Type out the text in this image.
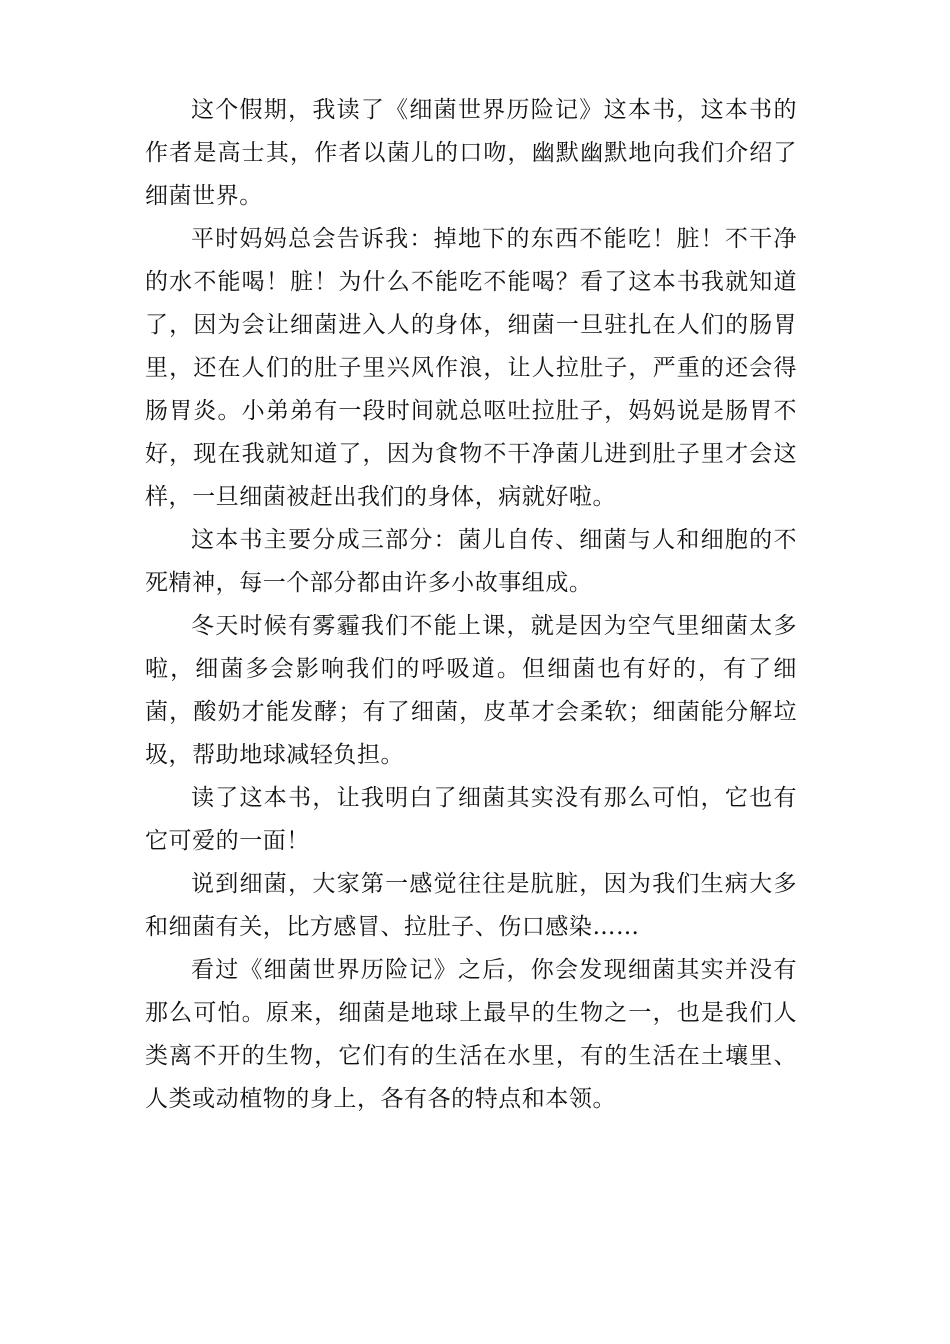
这个假期，我读了《细菌世界历险记》这本书，这本书的作者是高士其，作者以菌儿的口吻，幽默幽默地向我们介绍了细菌世界。

平时妈妈总会告诉我：掉地下的东西不能吃！脏！不干净的水不能喝！脏！为什么不能吃不能喝？看了这本书我就知道了，因为会让细菌进入人的身体，细菌一旦驻扎在人们的肠胃里，还在人们的肚子里兴风作浪，让人拉肚子，严重的还会得肠胃炎。小弟弟有一段时间就总呕吐拉肚子，妈妈说是肠胃不好，现在我就知道了，因为食物不干净菌儿进到肚子里才会这样，一旦细菌被赶出我们的身体，病就好啦。

这本书主要分成三部分：菌儿自传、细菌与人和细胞的不死精神，每一个部分都由许多小故事组成。

冬天时候有雾霾我们不能上课，就是因为空气里细菌太多啦，细菌多会影响我们的呼吸道。但细菌也有好的，有了细菌，酸奶才能发酵；有了细菌，皮革才会柔软；细菌能分解垃圾，帮助地球减轻负担。

读了这本书，让我明白了细菌其实没有那么可怕，它也有它可爱的一面！

说到细菌，大家第一感觉往往是肮脏，因为我们生病大多和细菌有关，比方感冒、拉肚子、伤口感染……

看过《细菌世界历险记》之后，你会发现细菌其实并没有那么可怕。原来，细菌是地球上最早的生物之一，也是我们人类离不开的生物，它们有的生活在水里，有的生活在土壤里、人类或动植物的身上，各有各的特点和本领。
